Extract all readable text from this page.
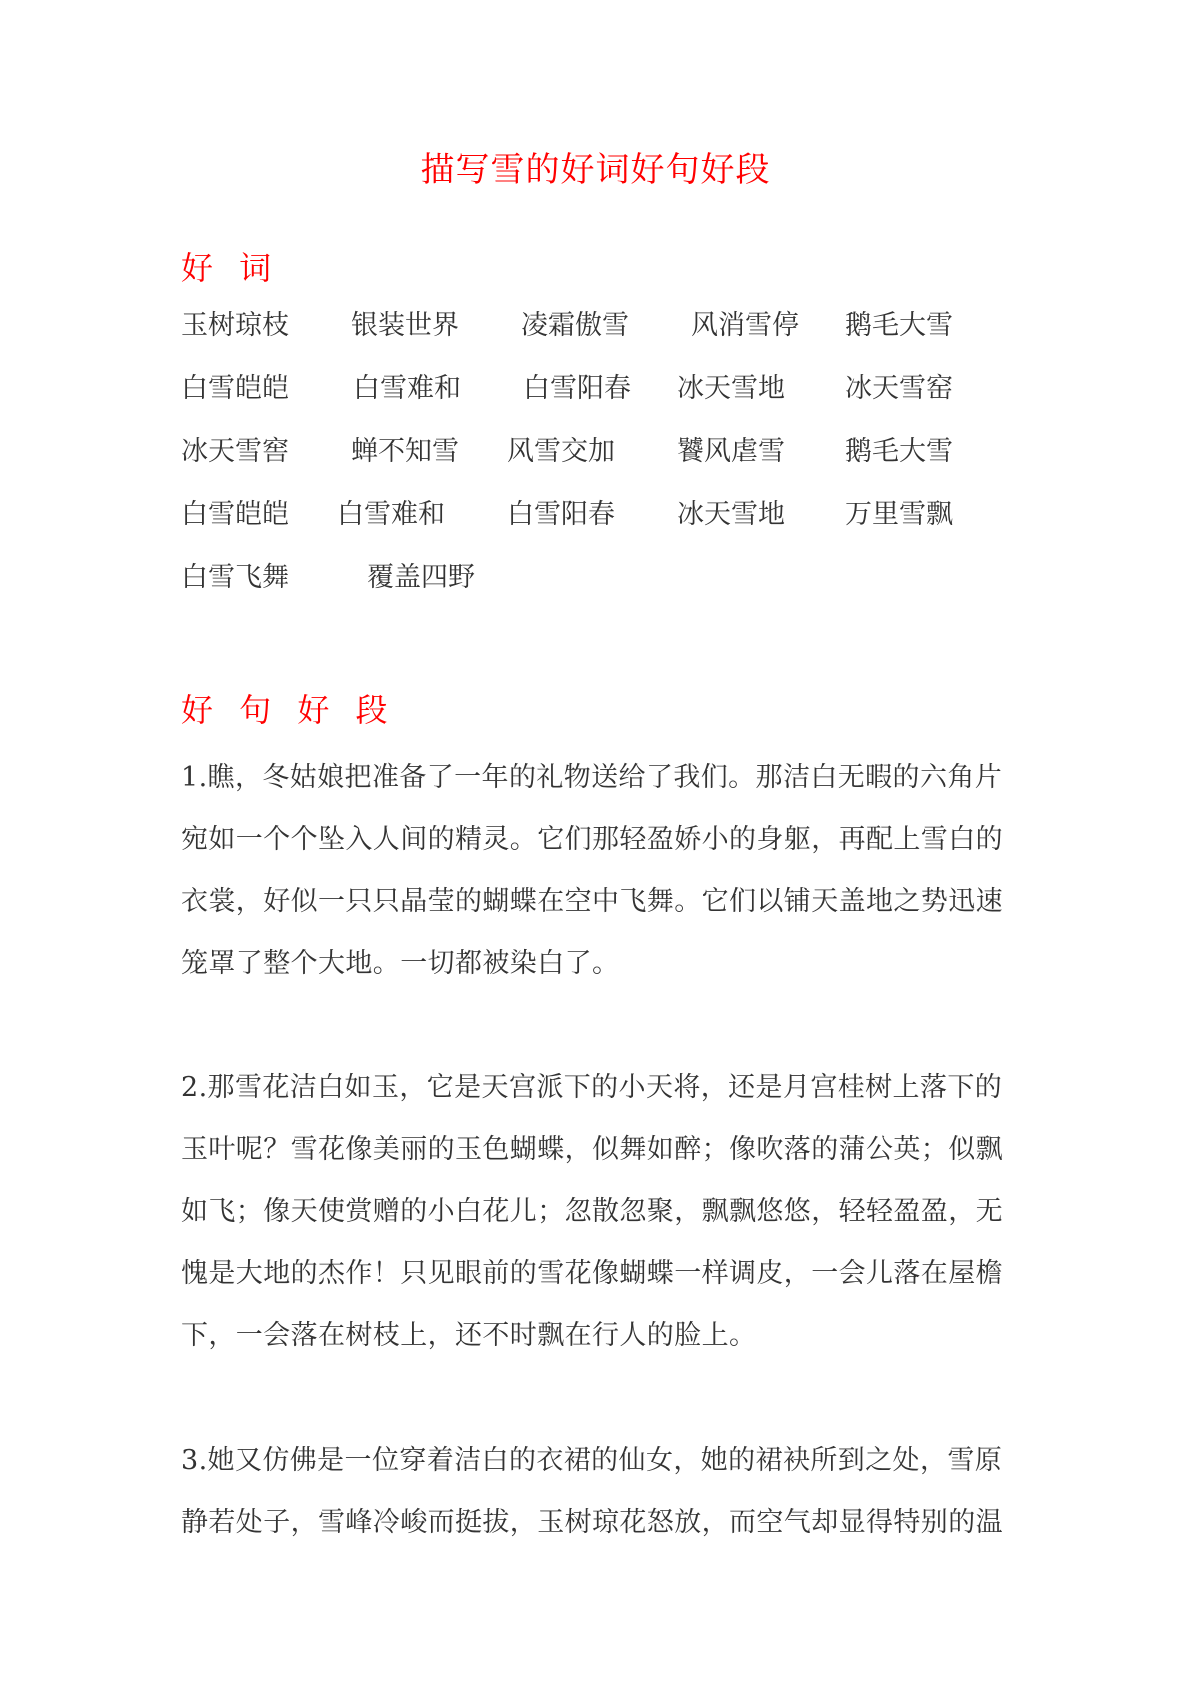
描写雪的好词好句好段
好 词
玉树琼枝 银装世界 凌霜傲雪 风消雪停 鹅毛大雪
白雪皑皑 白雪难和 白雪阳春 冰天雪地 冰天雪窑
冰天雪窖 蝉不知雪 风雪交加 饕风虐雪 鹅毛大雪
白雪皑皑 白雪难和 白雪阳春 冰天雪地 万里雪飘
白雪飞舞	覆盖四野
好 句 好 段
1.瞧，冬姑娘把准备了一年的礼物送给了我们。那洁白无暇的六角片
宛如一个个坠入人间的精灵。它们那轻盈娇小的身躯，再配上雪白的
衣裳，好似一只只晶莹的蝴蝶在空中飞舞。它们以铺天盖地之势迅速
笼罩了整个大地。一切都被染白了。
2.那雪花洁白如玉，它是天宫派下的小天将，还是月宫桂树上落下的
玉叶呢？雪花像美丽的玉色蝴蝶，似舞如醉；像吹落的蒲公英；似飘
如飞；像天使赏赠的小白花儿；忽散忽聚，飘飘悠悠，轻轻盈盈，无
愧是大地的杰作！只见眼前的雪花像蝴蝶一样调皮，一会儿落在屋檐
下，一会落在树枝上，还不时飘在行人的脸上。
3.她又仿佛是一位穿着洁白的衣裙的仙女，她的裙袂所到之处，雪原
静若处子，雪峰冷峻而挺拔，玉树琼花怒放，而空气却显得特别的温
